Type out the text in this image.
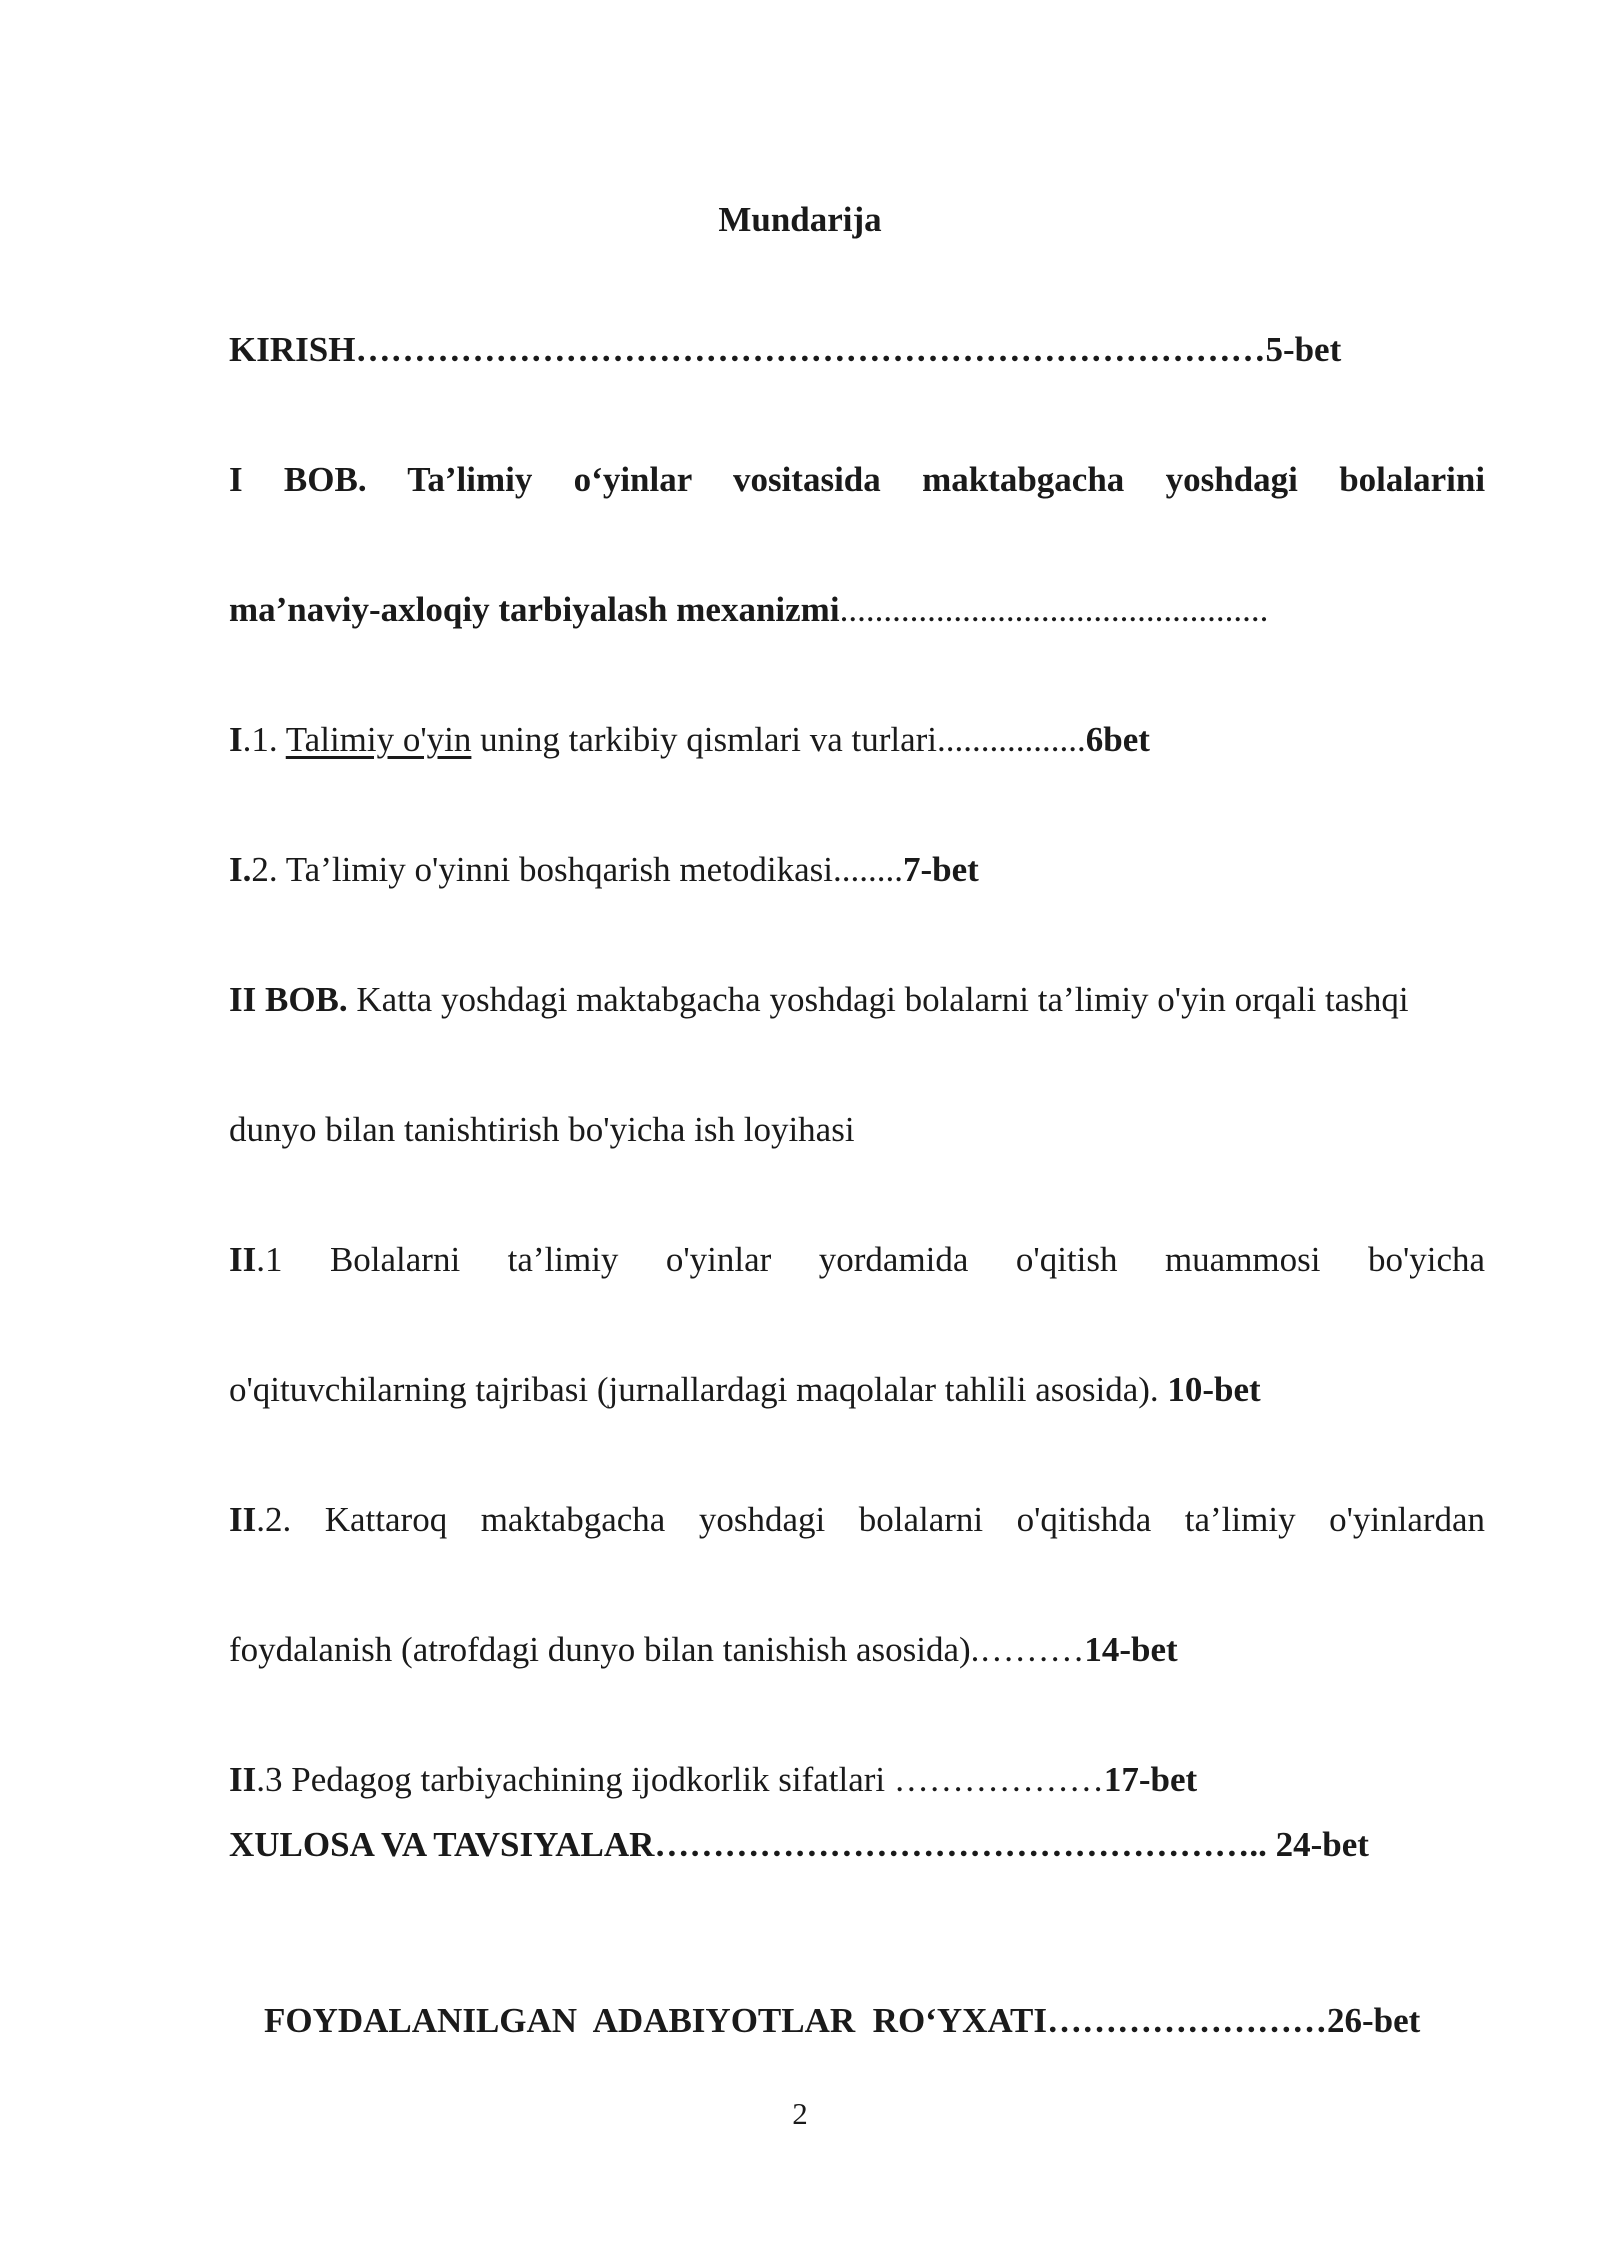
Mundarija
KIRISH……………………………………………………………………5-bet
I BOB. Ta’limiy o‘yinlar vositasida maktabgacha yoshdagi bolalarini
ma’naviy-axloqiy tarbiyalash mexanizmi.................................................
I.1. Talimiy o'yin uning tarkibiy qismlari va turlari.................6bet
I.2. Ta’limiy o'yinni boshqarish metodikasi........7-bet
II BOB. Katta yoshdagi maktabgacha yoshdagi bolalarni ta’limiy o'yin orqali tashqi
dunyo bilan tanishtirish bo'yicha ish loyihasi
II.1 Bolalarni ta’limiy o'yinlar yordamida o'qitish muammosi bo'yicha
o'qituvchilarning tajribasi (jurnallardagi maqolalar tahlili asosida). 10-bet
II.2. Kattaroq maktabgacha yoshdagi bolalarni o'qitishda ta’limiy o'yinlardan
foydalanish (atrofdagi dunyo bilan tanishish asosida).………14-bet
II.3 Pedagog tarbiyachining ijodkorlik sifatlari ………………17-bet
XULOSA VA TAVSIYALAR…………………………………………….. 24-bet

FOYDALANILGAN  ADABIYOTLAR  RO‘YXATI……………………26-bet

2
